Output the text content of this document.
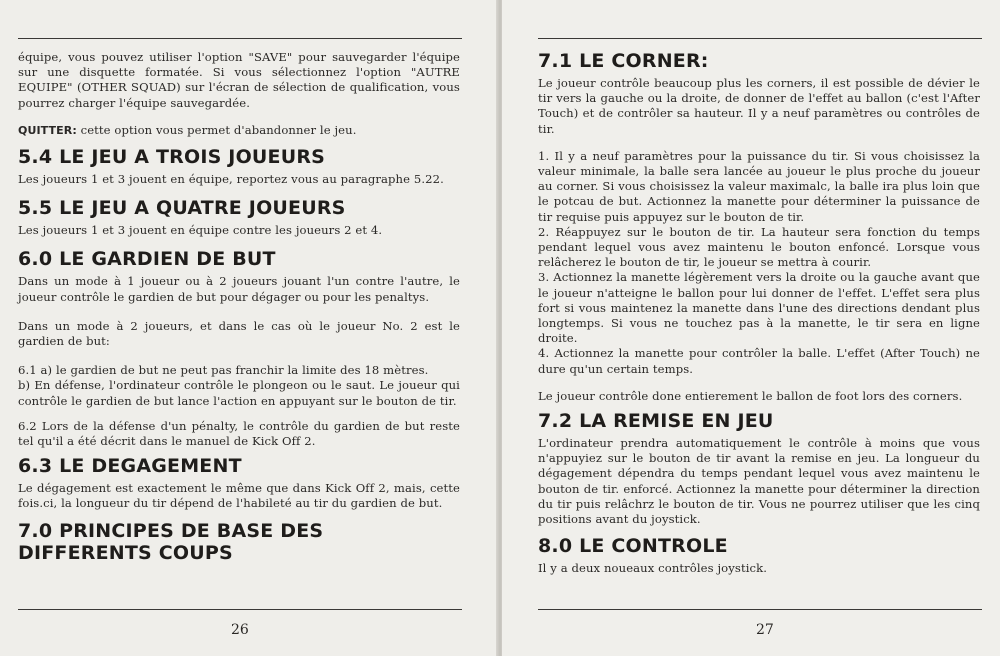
équipe, vous pouvez utiliser l'option "SAVE" pour sauvegarder l'équipe sur une disquette formatée. Si vous sélectionnez l'option "AUTRE EQUIPE" (OTHER SQUAD) sur l'écran de sélection de qualification, vous pourrez charger l'équipe sauvegardée.

QUITTER: cette option vous permet d'abandonner le jeu.

5.4 LE JEU A TROIS JOUEURS

Les joueurs 1 et 3 jouent en équipe, reportez vous au paragraphe 5.22.

5.5 LE JEU A QUATRE JOUEURS

Les joueurs 1 et 3 jouent en équipe contre les joueurs 2 et 4.

6.0 LE GARDIEN DE BUT

Dans un mode à 1 joueur ou à 2 joueurs jouant l'un contre l'autre, le joueur contrôle le gardien de but pour dégager ou pour les penaltys.

Dans un mode à 2 joueurs, et dans le cas où le joueur No. 2 est le gardien de but:

6.1 a) le gardien de but ne peut pas franchir la limite des 18 mètres.

b) En défense, l'ordinateur contrôle le plongeon ou le saut. Le joueur qui contrôle le gardien de but lance l'action en appuyant sur le bouton de tir.

6.2 Lors de la défense d'un pénalty, le contrôle du gardien de but reste tel qu'il a été décrit dans le manuel de Kick Off 2.

6.3 LE DEGAGEMENT

Le dégagement est exactement le même que dans Kick Off 2, mais, cette fois.ci, la longueur du tir dépend de l'habileté au tir du gardien de but.

7.0 PRINCIPES DE BASE DES DIFFERENTS COUPS
26
7.1 LE CORNER:

Le joueur contrôle beaucoup plus les corners, il est possible de dévier le tir vers la gauche ou la droite, de donner de l'effet au ballon (c'est l'After Touch) et de contrôler sa hauteur. Il y a neuf paramètres ou contrôles de tir.

1. Il y a neuf paramètres pour la puissance du tir. Si vous choisissez la valeur minimale, la balle sera lancée au joueur le plus proche du joueur au corner. Si vous choisissez la valeur maximalc, la balle ira plus loin que le potcau de but. Actionnez la manette pour déterminer la puissance de tir requise puis appuyez sur le bouton de tir.

2. Réappuyez sur le bouton de tir. La hauteur sera fonction du temps pendant lequel vous avez maintenu le bouton enfoncé. Lorsque vous relâcherez le bouton de tir, le joueur se mettra à courir.

3. Actionnez la manette légèrement vers la droite ou la gauche avant que le joueur n'atteigne le ballon pour lui donner de l'effet. L'effet sera plus fort si vous maintenez la manette dans l'une des directions dendant plus longtemps. Si vous ne touchez pas à la manette, le tir sera en ligne droite.

4. Actionnez la manette pour contrôler la balle. L'effet (After Touch) ne dure qu'un certain temps.

Le joueur contrôle done entierement le ballon de foot lors des corners.

7.2 LA REMISE EN JEU

L'ordinateur prendra automatiquement le contrôle à moins que vous n'appuyiez sur le bouton de tir avant la remise en jeu. La longueur du dégagement dépendra du temps pendant lequel vous avez maintenu le bouton de tir. enforcé. Actionnez la manette pour déterminer la direction du tir puis relâchrz le bouton de tir. Vous ne pourrez utiliser que les cinq positions avant du joystick.

8.0 LE CONTROLE

Il y a deux noueaux contrôles joystick.

27
